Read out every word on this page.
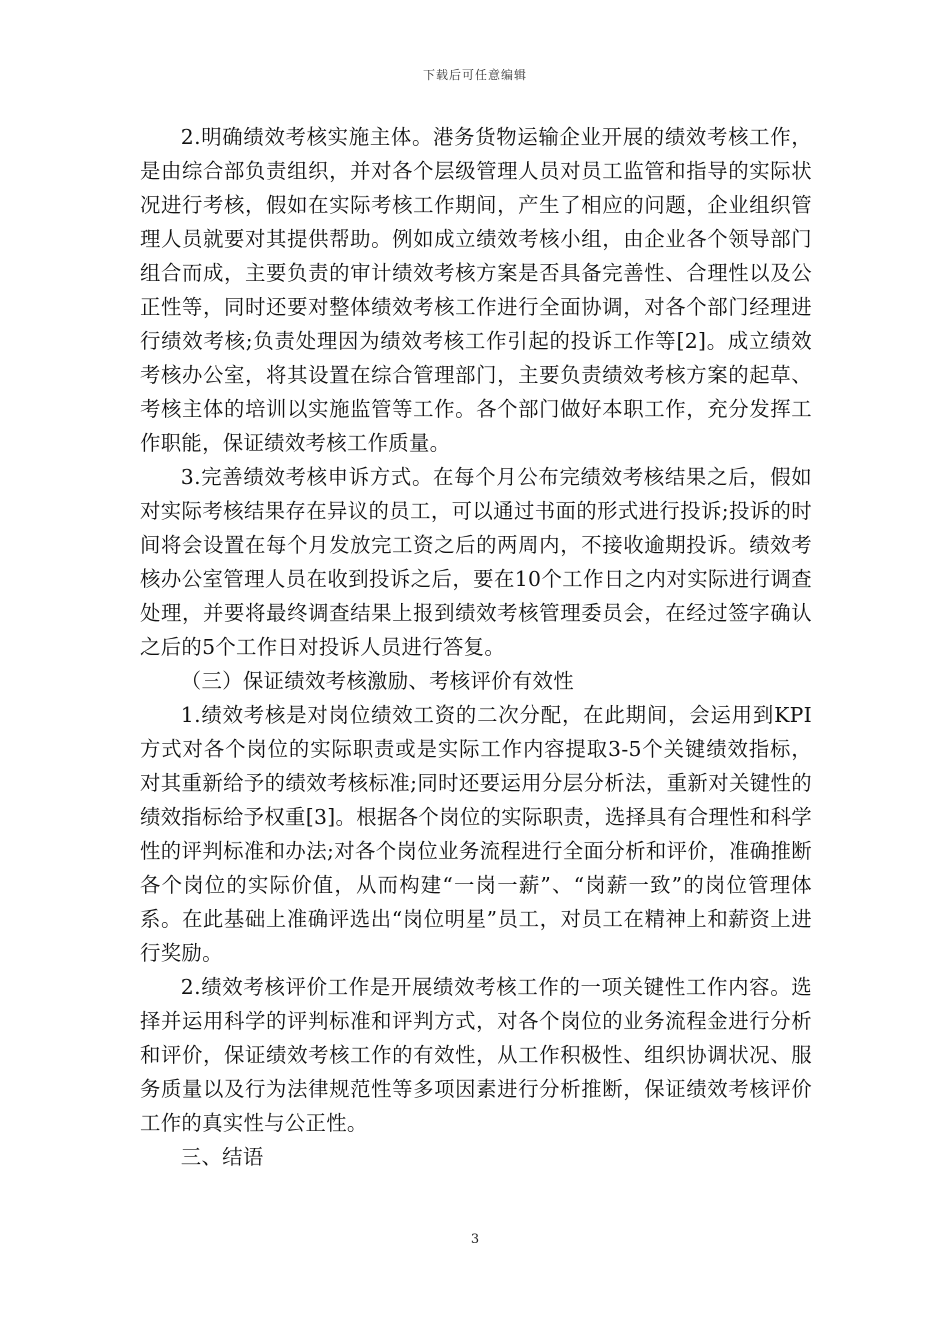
下载后可任意编辑

2.明确绩效考核实施主体。港务货物运输企业开展的绩效考核工作，是由综合部负责组织，并对各个层级管理人员对员工监管和指导的实际状况进行考核，假如在实际考核工作期间，产生了相应的问题，企业组织管理人员就要对其提供帮助。例如成立绩效考核小组，由企业各个领导部门组合而成，主要负责的审计绩效考核方案是否具备完善性、合理性以及公正性等，同时还要对整体绩效考核工作进行全面协调，对各个部门经理进行绩效考核;负责处理因为绩效考核工作引起的投诉工作等[2]。成立绩效考核办公室，将其设置在综合管理部门，主要负责绩效考核方案的起草、考核主体的培训以实施监管等工作。各个部门做好本职工作，充分发挥工作职能，保证绩效考核工作质量。

3.完善绩效考核申诉方式。在每个月公布完绩效考核结果之后，假如对实际考核结果存在异议的员工，可以通过书面的形式进行投诉;投诉的时间将会设置在每个月发放完工资之后的两周内，不接收逾期投诉。绩效考核办公室管理人员在收到投诉之后，要在10个工作日之内对实际进行调查处理，并要将最终调查结果上报到绩效考核管理委员会，在经过签字确认之后的5个工作日对投诉人员进行答复。

（三）保证绩效考核激励、考核评价有效性

1.绩效考核是对岗位绩效工资的二次分配，在此期间，会运用到KPI方式对各个岗位的实际职责或是实际工作内容提取3-5个关键绩效指标，对其重新给予的绩效考核标准;同时还要运用分层分析法，重新对关键性的绩效指标给予权重[3]。根据各个岗位的实际职责，选择具有合理性和科学性的评判标准和办法;对各个岗位业务流程进行全面分析和评价，准确推断各个岗位的实际价值，从而构建“一岗一薪”、“岗薪一致”的岗位管理体系。在此基础上准确评选出“岗位明星”员工，对员工在精神上和薪资上进行奖励。

2.绩效考核评价工作是开展绩效考核工作的一项关键性工作内容。选择并运用科学的评判标准和评判方式，对各个岗位的业务流程金进行分析和评价，保证绩效考核工作的有效性，从工作积极性、组织协调状况、服务质量以及行为法律规范性等多项因素进行分析推断，保证绩效考核评价工作的真实性与公正性。

三、结语

3
